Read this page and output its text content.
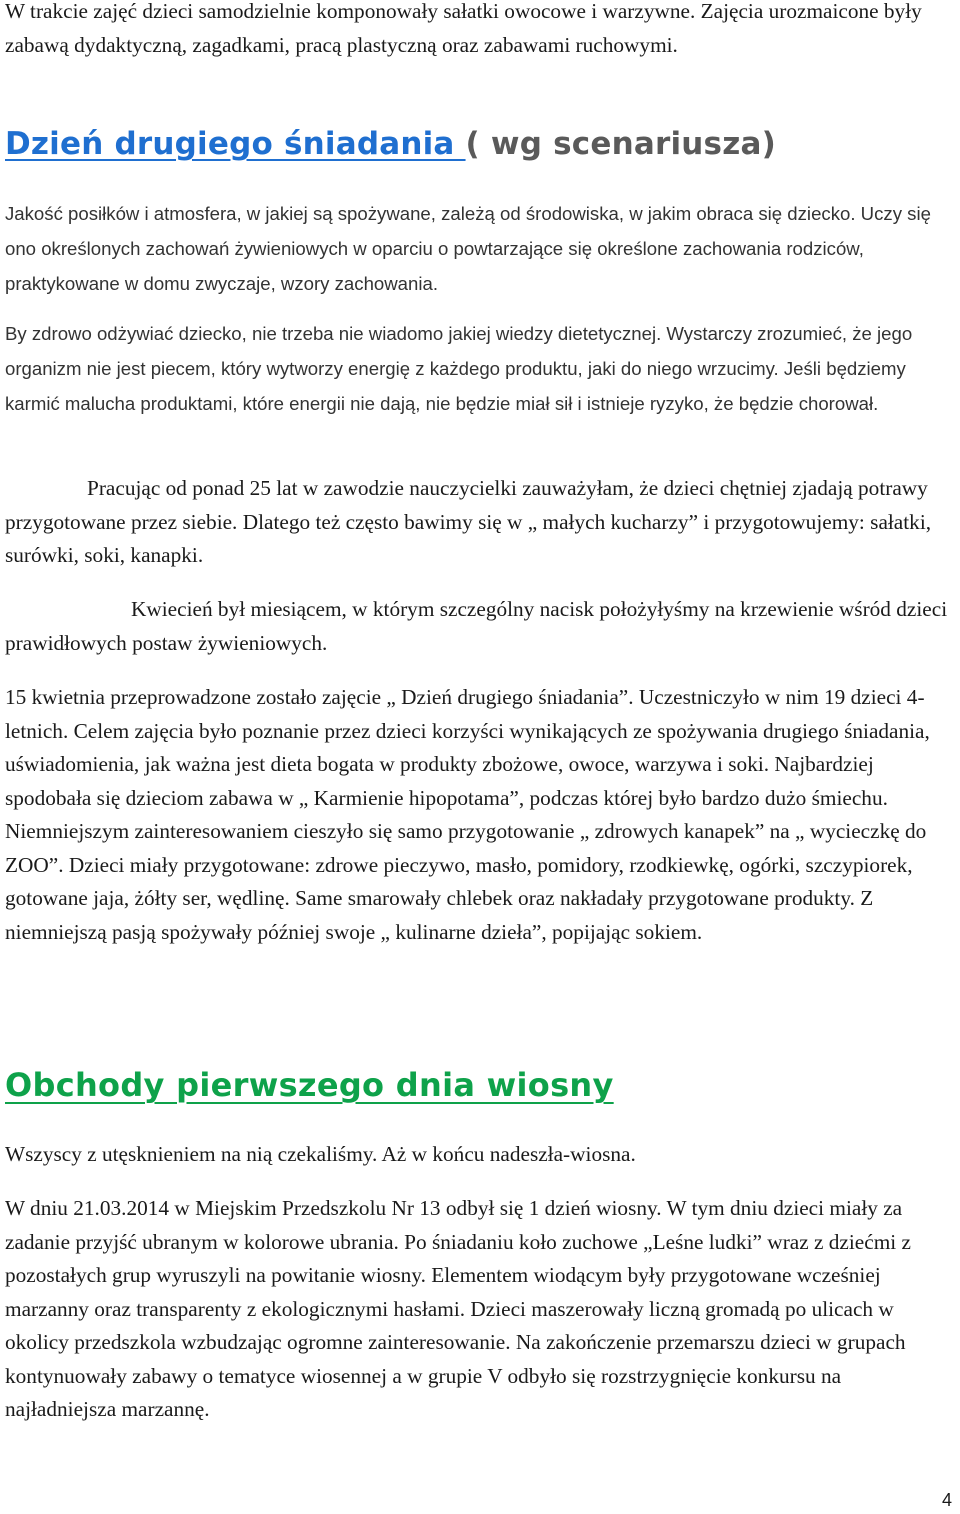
W trakcie zajęć dzieci samodzielnie komponowały sałatki owocowe i warzywne. Zajęcia urozmaicone były zabawą dydaktyczną, zagadkami, pracą plastyczną oraz zabawami ruchowymi.

Dzień drugiego śniadania ( wg scenariusza)

Jakość posiłków i atmosfera, w jakiej są spożywane, zależą od środowiska, w jakim obraca się dziecko. Uczy się ono określonych zachowań żywieniowych w oparciu o powtarzające się określone zachowania rodziców, praktykowane w domu zwyczaje, wzory zachowania.

By zdrowo odżywiać dziecko, nie trzeba nie wiadomo jakiej wiedzy dietetycznej. Wystarczy zrozumieć, że jego organizm nie jest piecem, który wytworzy energię z każdego produktu, jaki do niego wrzucimy. Jeśli będziemy karmić malucha produktami, które energii nie dają, nie będzie miał sił i istnieje ryzyko, że będzie chorował.

Pracując od ponad 25 lat w zawodzie nauczycielki zauważyłam, że dzieci chętniej zjadają potrawy przygotowane przez siebie. Dlatego też często bawimy się w „ małych kucharzy” i przygotowujemy: sałatki, surówki, soki, kanapki.

Kwiecień był miesiącem, w którym szczególny nacisk położyłyśmy na krzewienie wśród dzieci prawidłowych postaw żywieniowych.

15 kwietnia przeprowadzone zostało zajęcie „ Dzień drugiego śniadania”. Uczestniczyło w nim 19 dzieci 4- letnich. Celem zajęcia było poznanie przez dzieci korzyści wynikających ze spożywania drugiego śniadania, uświadomienia, jak ważna jest dieta bogata w produkty zbożowe, owoce, warzywa i soki. Najbardziej spodobała się dzieciom zabawa w „ Karmienie hipopotama”, podczas której było bardzo dużo śmiechu. Niemniejszym zainteresowaniem cieszyło się samo przygotowanie „ zdrowych kanapek” na „ wycieczkę do ZOO”. Dzieci miały przygotowane: zdrowe pieczywo, masło, pomidory, rzodkiewkę, ogórki, szczypiorek, gotowane jaja, żółty ser, wędlinę. Same smarowały chlebek oraz nakładały przygotowane produkty. Z niemniejszą pasją spożywały później swoje „ kulinarne dzieła”, popijając sokiem.

Obchody pierwszego dnia wiosny

Wszyscy z utęsknieniem na nią czekaliśmy. Aż w końcu nadeszła-wiosna.

W dniu 21.03.2014 w Miejskim Przedszkolu Nr 13 odbył się 1 dzień wiosny. W tym dniu dzieci miały za zadanie przyjść ubranym w kolorowe ubrania. Po śniadaniu koło zuchowe „Leśne ludki” wraz z dziećmi z pozostałych grup wyruszyli na powitanie wiosny. Elementem wiodącym były przygotowane wcześniej marzanny oraz transparenty z ekologicznymi hasłami. Dzieci maszerowały liczną gromadą po ulicach w okolicy przedszkola wzbudzając ogromne zainteresowanie. Na zakończenie przemarszu dzieci w grupach kontynuowały zabawy o tematyce wiosennej a w grupie V odbyło się rozstrzygnięcie konkursu na najładniejsza marzannę.

4
